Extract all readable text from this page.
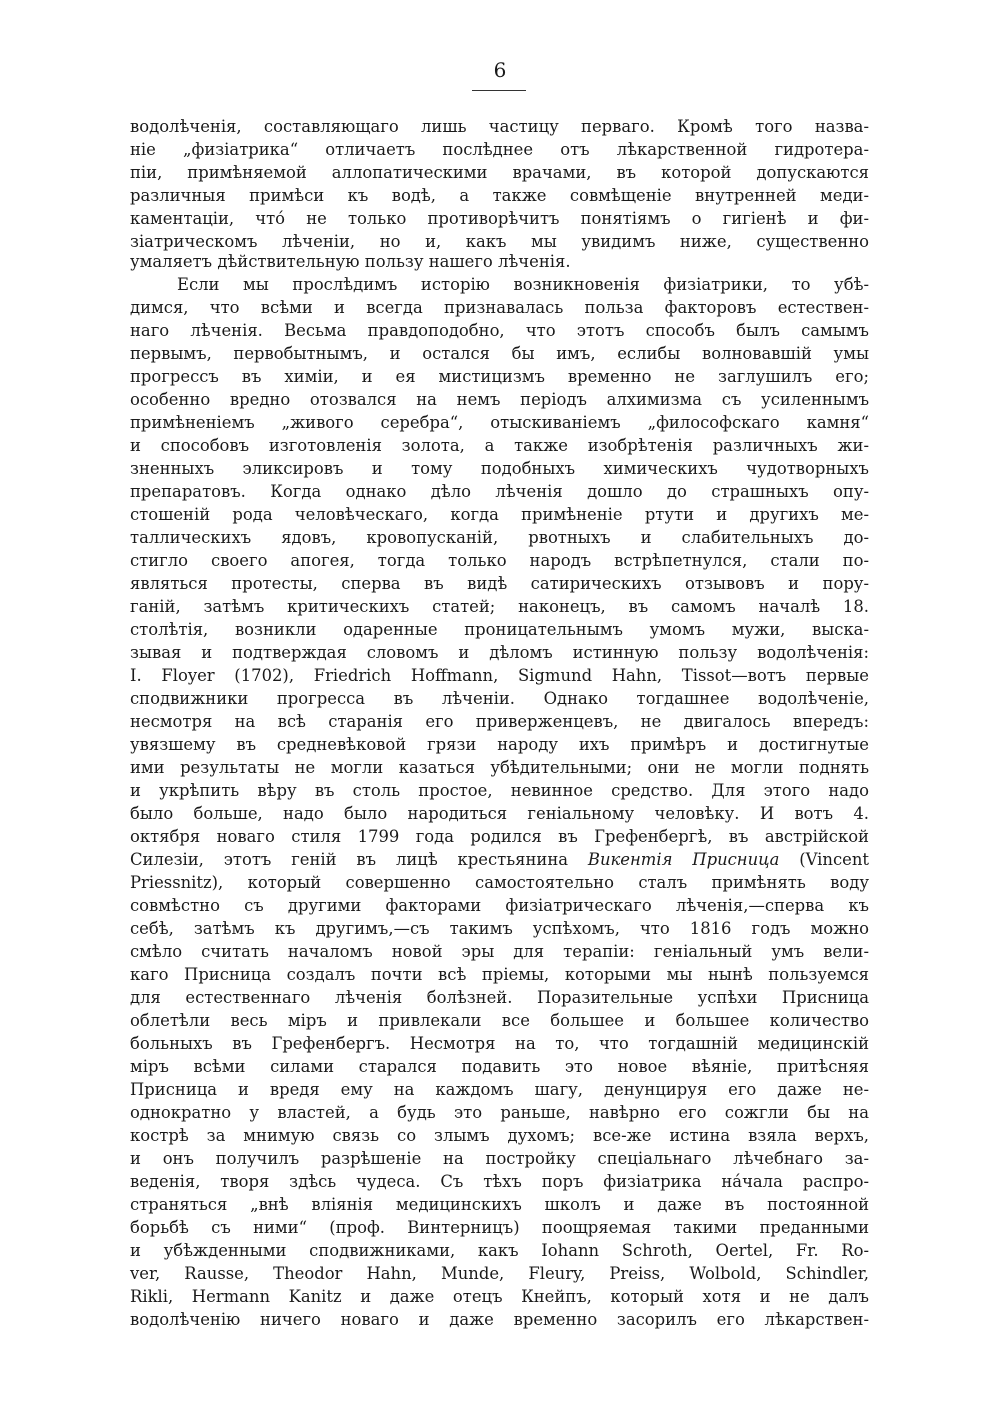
6
водолѣченія, составляющаго лишь частицу перваго. Кромѣ того назва-
ніе „физіатрика“ отличаетъ послѣднее отъ лѣкарственной гидротера-
піи, примѣняемой аллопатическими врачами, въ которой допускаются
различныя примѣси къ водѣ, а также совмѣщеніе внутренней меди-
каментаціи, что́ не только противорѣчитъ понятіямъ о гигіенѣ и фи-
зіатрическомъ лѣченіи, но и, какъ мы увидимъ ниже, существенно
умаляетъ дѣйствительную пользу нашего лѣченія.
Если мы прослѣдимъ исторію возникновенія физіатрики, то убѣ-
димся, что всѣми и всегда признавалась польза факторовъ естествен-
наго лѣченія. Весьма правдоподобно, что этотъ способъ былъ самымъ
первымъ, первобытнымъ, и остался бы имъ, еслибы волновавшій умы
прогрессъ въ химіи, и ея мистицизмъ временно не заглушилъ его;
особенно вредно отозвался на немъ періодъ алхимизма съ усиленнымъ
примѣненіемъ „живого серебра“, отыскиваніемъ „философскаго камня“
и способовъ изготовленія золота, а также изобрѣтенія различныхъ жи-
зненныхъ эликсировъ и тому подобныхъ химическихъ чудотворныхъ
препаратовъ. Когда однако дѣло лѣченія дошло до страшныхъ опу-
стошеній рода человѣческаго, когда примѣненіе ртути и другихъ ме-
таллическихъ ядовъ, кровопусканій, рвотныхъ и слабительныхъ до-
стигло своего апогея, тогда только народъ встрѣпетнулся, стали по-
являться протесты, сперва въ видѣ сатирическихъ отзывовъ и пору-
ганій, затѣмъ критическихъ статей; наконецъ, въ самомъ началѣ 18.
столѣтія, возникли одаренные проницательнымъ умомъ мужи, выска-
зывая и подтверждая словомъ и дѣломъ истинную пользу водолѣченія:
I. Floyer (1702), Friedrich Hoffmann, Sigmund Hahn, Tissot—вотъ первые
сподвижники прогресса въ лѣченіи. Однако тогдашнее водолѣченіе,
несмотря на всѣ старанія его приверженцевъ, не двигалось впередъ:
увязшему въ средневѣковой грязи народу ихъ примѣръ и достигнутые
ими результаты не могли казаться убѣдительными; они не могли поднять
и укрѣпить вѣру въ столь простое, невинное средство. Для этого надо
было больше, надо было народиться геніальному человѣку. И вотъ 4.
октября новаго стиля 1799 года родился въ Грефенбергѣ, въ австрійской
Силезіи, этотъ геній въ лицѣ крестьянина Викентія Присница (Vincent
Priessnitz), который совершенно самостоятельно сталъ примѣнять воду
совмѣстно съ другими факторами физіатрическаго лѣченія,—сперва къ
себѣ, затѣмъ къ другимъ,—съ такимъ успѣхомъ, что 1816 годъ можно
смѣло считать началомъ новой эры для терапіи: геніальный умъ вели-
каго Присница создалъ почти всѣ пріемы, которыми мы нынѣ пользуемся
для естественнаго лѣченія болѣзней. Поразительные успѣхи Присница
облетѣли весь міръ и привлекали все большее и большее количество
больныхъ въ Грефенбергъ. Несмотря на то, что тогдашній медицинскій
міръ всѣми силами старался подавить это новое вѣяніе, притѣсняя
Присница и вредя ему на каждомъ шагу, денунцируя его даже не-
однократно у властей, а будь это раньше, навѣрно его сожгли бы на
кострѣ за мнимую связь со злымъ духомъ; все-же истина взяла верхъ,
и онъ получилъ разрѣшеніе на постройку спеціальнаго лѣчебнаго за-
веденія, творя здѣсь чудеса. Съ тѣхъ поръ физіатрика на́чала распро-
страняться „внѣ вліянія медицинскихъ школъ и даже въ постоянной
борьбѣ съ ними“ (проф. Винтерницъ) поощряемая такими преданными
и убѣжденными сподвижниками, какъ Iohann Schroth, Oertel, Fr. Ro-
ver, Rausse, Theodor Hahn, Munde, Fleury, Preiss, Wolbold, Schindler,
Rikli, Hermann Kanitz и даже отецъ Кнейпъ, который хотя и не далъ
водолѣченію ничего новаго и даже временно засорилъ его лѣкарствен-
